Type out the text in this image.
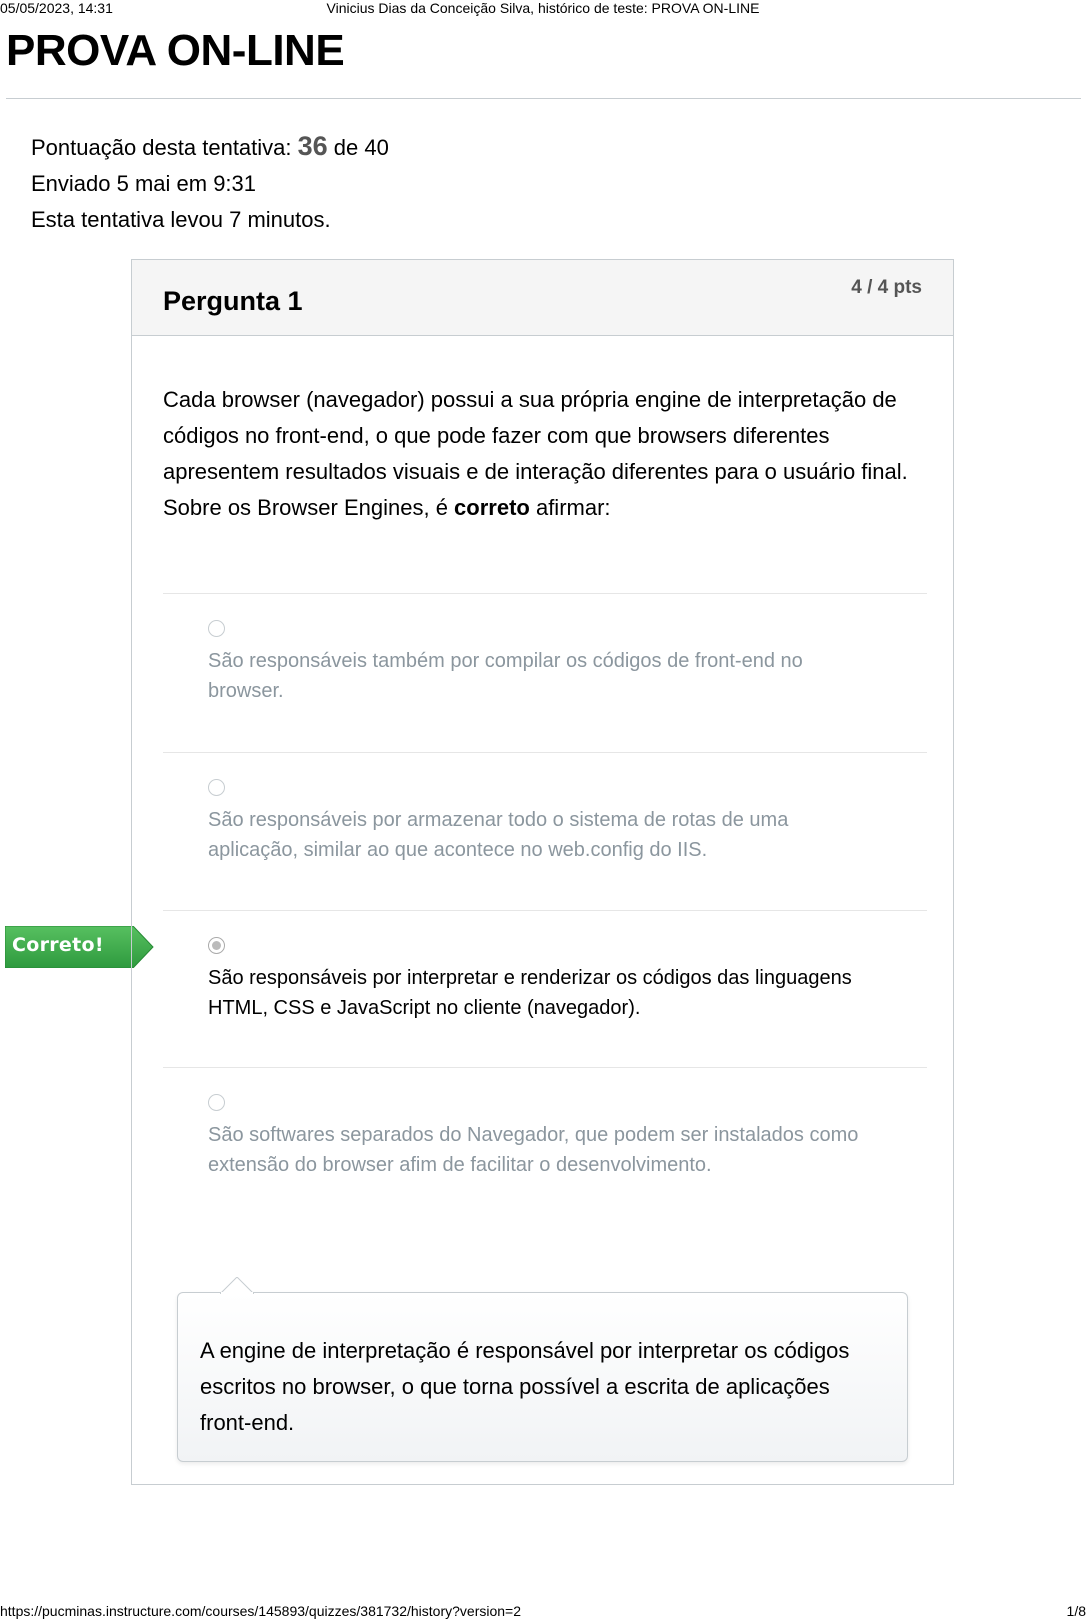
05/05/2023, 14:31	Vinicius Dias da Conceição Silva, histórico de teste: PROVA ON-LINE
PROVA ON-LINE
Pontuação desta tentativa: 36 de 40
Enviado 5 mai em 9:31
Esta tentativa levou 7 minutos.
Correto!
Pergunta 1	4 / 4 pts

Cada browser (navegador) possui a sua própria engine de interpretação de códigos no front-end, o que pode fazer com que browsers diferentes apresentem resultados visuais e de interação diferentes para o usuário final.

Sobre os Browser Engines, é correto afirmar:

São responsáveis também por compilar os códigos de front-end no browser.
São responsáveis por armazenar todo o sistema de rotas de uma aplicação, similar ao que acontece no web.config do IIS.
São responsáveis por interpretar e renderizar os códigos das linguagens HTML, CSS e JavaScript no cliente (navegador).
São softwares separados do Navegador, que podem ser instalados como extensão do browser afim de facilitar o desenvolvimento.
A engine de interpretação é responsável por interpretar os códigos escritos no browser, o que torna possível a escrita de aplicações front-end.
https://pucminas.instructure.com/courses/145893/quizzes/381732/history?version=2	1/8
